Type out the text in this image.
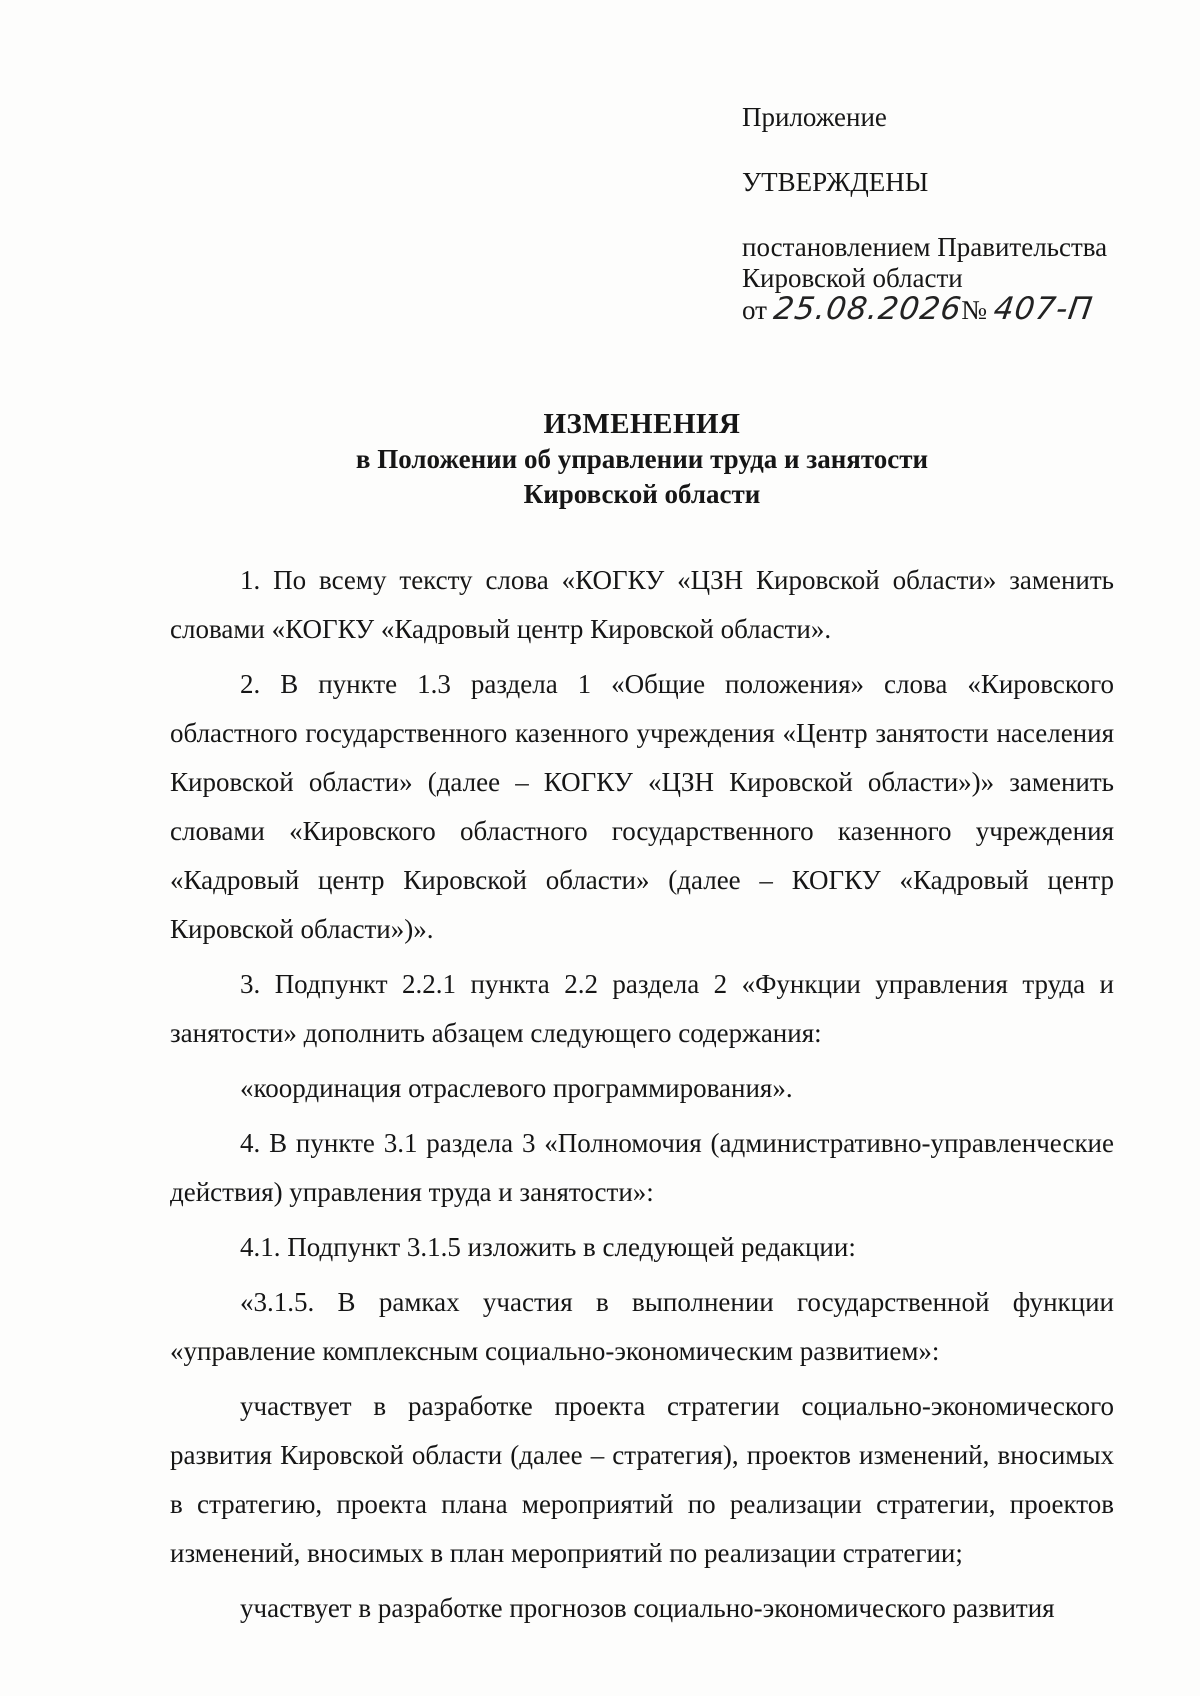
Приложение

УТВЕРЖДЕНЫ

постановлением Правительства

Кировской области

от 25.08.2026№ 407-П

ИЗМЕНЕНИЯ
в Положении об управлении труда и занятости
Кировской области

1. По всему тексту слова «КОГКУ «ЦЗН Кировской области» заменить словами «КОГКУ «Кадровый центр Кировской области».

2. В пункте 1.3 раздела 1 «Общие положения» слова «Кировского областного государственного казенного учреждения «Центр занятости населения Кировской области» (далее – КОГКУ «ЦЗН Кировской области»)» заменить словами «Кировского областного государственного казенного учреждения «Кадровый центр Кировской области» (далее – КОГКУ «Кадровый центр Кировской области»)».

3. Подпункт 2.2.1 пункта 2.2 раздела 2 «Функции управления труда и занятости» дополнить абзацем следующего содержания:

«координация отраслевого программирования».

4. В пункте 3.1 раздела 3 «Полномочия (административно-управленческие действия) управления труда и занятости»:

4.1. Подпункт 3.1.5 изложить в следующей редакции:

«3.1.5. В рамках участия в выполнении государственной функции «управление комплексным социально-экономическим развитием»:

участвует в разработке проекта стратегии социально-экономического развития Кировской области (далее – стратегия), проектов изменений, вносимых в стратегию, проекта плана мероприятий по реализации стратегии, проектов изменений, вносимых в план мероприятий по реализации стратегии;

участвует в разработке прогнозов социально-экономического развития
